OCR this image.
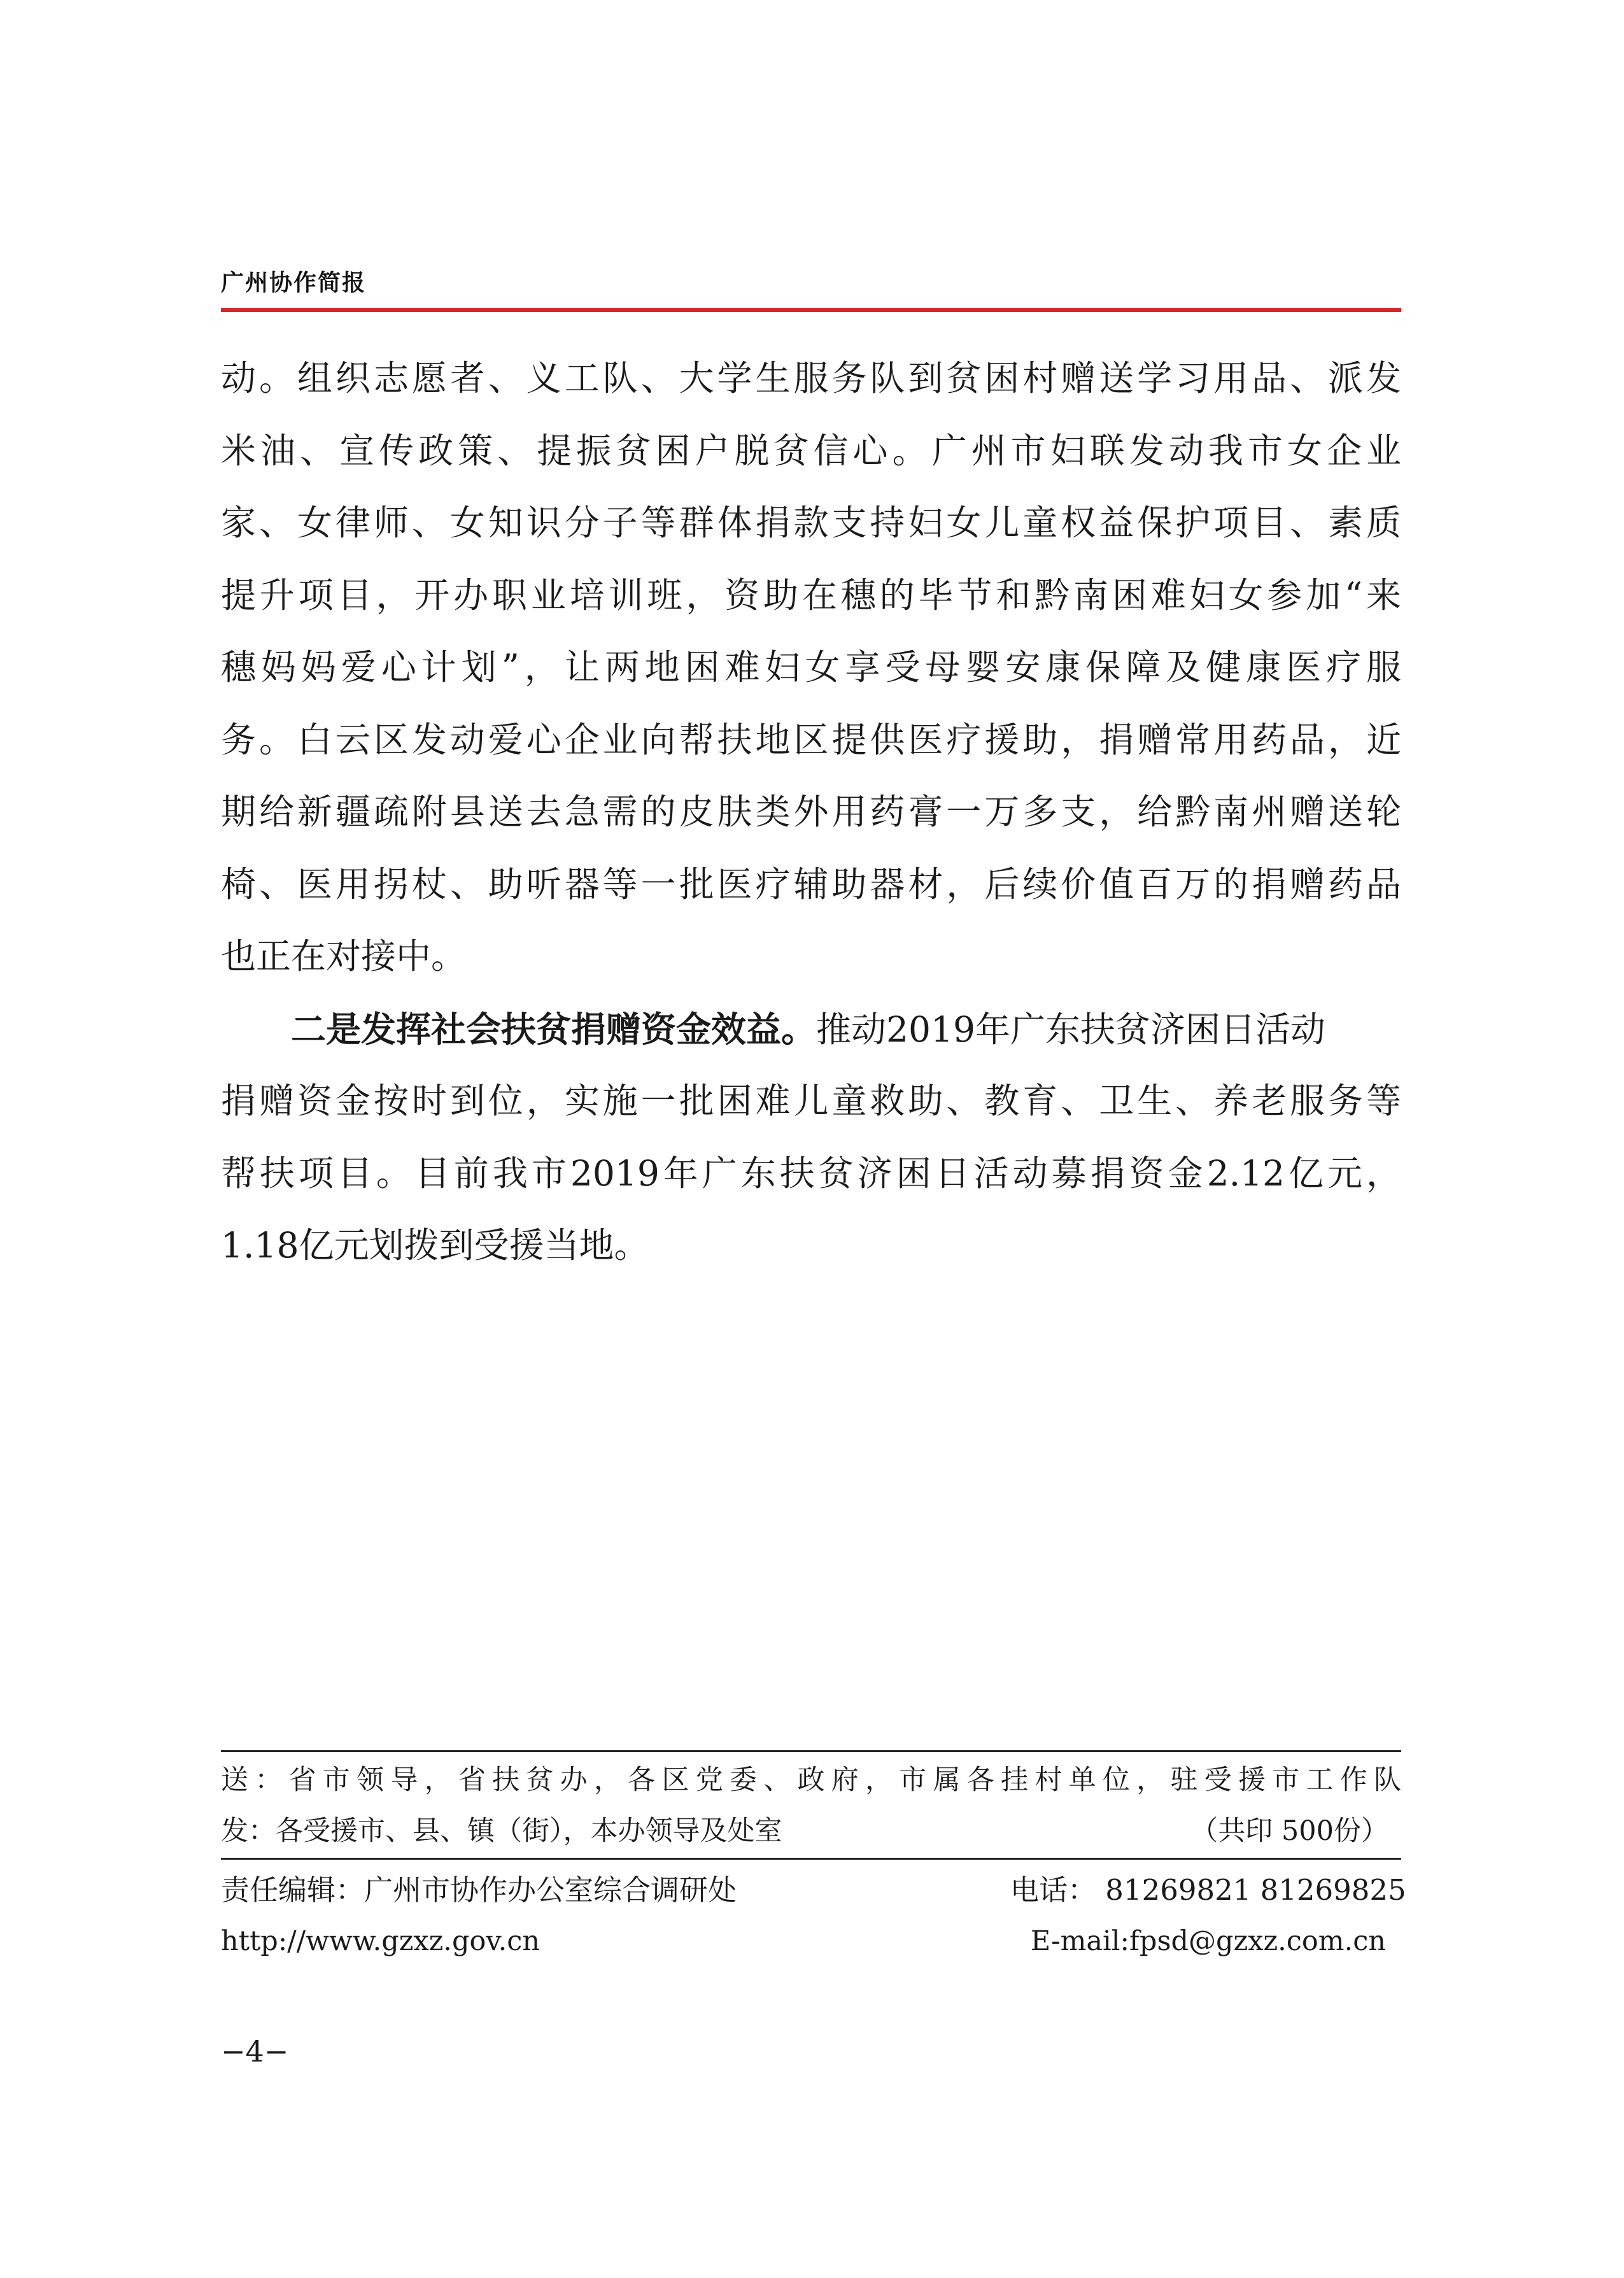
广州协作简报
动。组织志愿者、义工队、大学生服务队到贫困村赠送学习用品、派发
米油、宣传政策、提振贫困户脱贫信心。广州市妇联发动我市女企业
家、女律师、女知识分子等群体捐款支持妇女儿童权益保护项目、素质
提升项目，开办职业培训班，资助在穗的毕节和黔南困难妇女参加“来
穗妈妈爱心计划”，让两地困难妇女享受母婴安康保障及健康医疗服
务。白云区发动爱心企业向帮扶地区提供医疗援助，捐赠常用药品，近
期给新疆疏附县送去急需的皮肤类外用药膏一万多支，给黔南州赠送轮
椅、医用拐杖、助听器等一批医疗辅助器材，后续价值百万的捐赠药品
也正在对接中。
二是发挥社会扶贫捐赠资金效益。推动2019年广东扶贫济困日活动
捐赠资金按时到位，实施一批困难儿童救助、教育、卫生、养老服务等
帮扶项目。目前我市2019年广东扶贫济困日活动募捐资金2.12亿元，
1.18亿元划拨到受援当地。
送：省市领导，省扶贫办，各区党委、政府，市属各挂村单位，驻受援市工作队
发：各受援市、县、镇（街），本办领导及处室	（共印 500份）
责任编辑：广州市协作办公室综合调研处	电话： 81269821 81269825
http://www.gzxz.gov.cn	E-mail:fpsd@gzxz.com.cn
−4−
